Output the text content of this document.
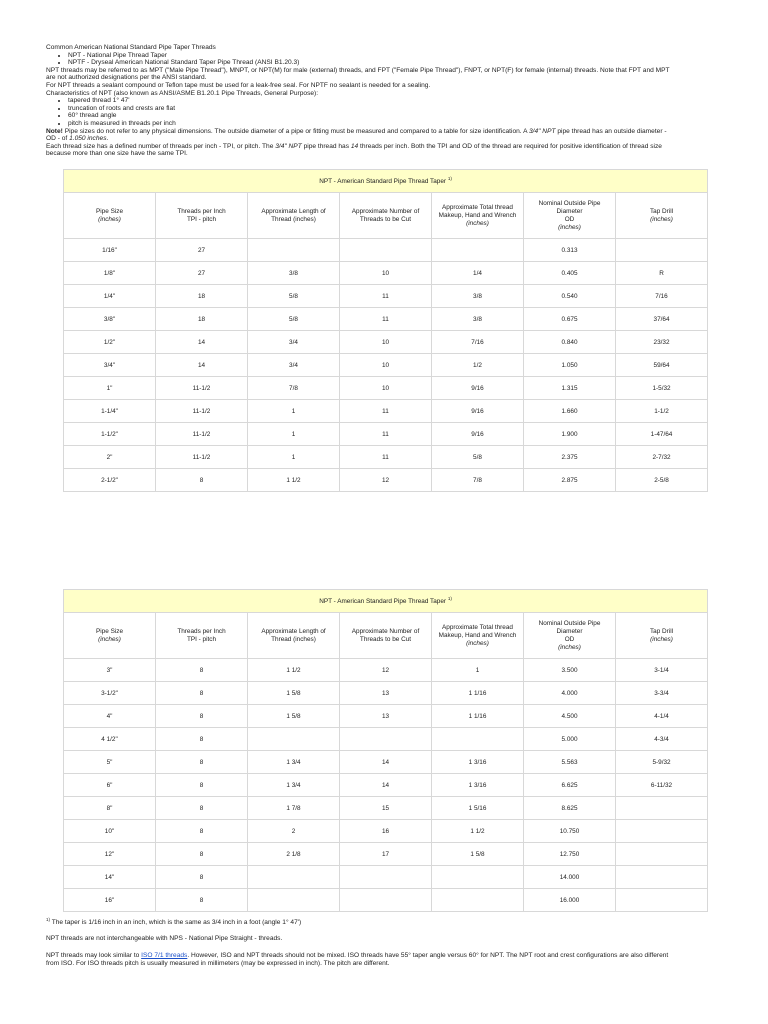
Common American National Standard Pipe Taper Threads
• NPT - National Pipe Thread Taper
• NPTF - Dryseal American National Standard Taper Pipe Thread (ANSI B1.20.3)
NPT threads may be referred to as MPT ("Male Pipe Thread"), MNPT, or NPT(M) for male (external) threads, and FPT ("Female Pipe Thread"), FNPT, or NPT(F) for female (internal) threads. Note that FPT and MPT
are not authorized designations per the ANSI standard.
For NPT threads a sealant compound or Teflon tape must be used for a leak-free seal. For NPTF no sealant is needed for a sealing.
Characteristics of NPT (also known as ANSI/ASME B1.20.1 Pipe Threads, General Purpose):
• tapered thread 1° 47'
• truncation of roots and crests are flat
• 60° thread angle
• pitch is measured in threads per inch
Note! Pipe sizes do not refer to any physical dimensions. The outside diameter of a pipe or fitting must be measured and compared to a table for size identification. A 3/4" NPT pipe thread has an outside diameter -
OD - of 1.050 inches.
Each thread size has a defined number of threads per inch - TPI, or pitch. The 3/4" NPT pipe thread has 14 threads per inch. Both the TPI and OD of the thread are required for positive identification of thread size
because more than one size have the same TPI.
NPT - American Standard Pipe Thread Taper $^{1)}$
Pipe Size
(inches)	Threads per Inch
TPI - pitch	Approximate Length of
Thread (inches)	Approximate Number of
Threads to be Cut	Approximate Total thread
Makeup, Hand and Wrench
(inches)	Nominal Outside Pipe
Diameter
OD
(inches)	Tap Drill
(inches)
1/16"	27				0.313	
1/8"	27	3/8	10	1/4	0.405	R
1/4"	18	5/8	11	3/8	0.540	7/16
3/8"	18	5/8	11	3/8	0.675	37/64
1/2"	14	3/4	10	7/16	0.840	23/32
3/4"	14	3/4	10	1/2	1.050	59/64
1"	11-1/2	7/8	10	9/16	1.315	1-5/32
1-1/4"	11-1/2	1	11	9/16	1.660	1-1/2
1-1/2"	11-1/2	1	11	9/16	1.900	1-47/64
2"	11-1/2	1	11	5/8	2.375	2-7/32
2-1/2"	8	1 1/2	12	7/8	2.875	2-5/8
NPT - American Standard Pipe Thread Taper $^{1)}$
Pipe Size
(inches)	Threads per Inch
TPI - pitch	Approximate Length of
Thread (inches)	Approximate Number of
Threads to be Cut	Approximate Total thread
Makeup, Hand and Wrench
(inches)	Nominal Outside Pipe
Diameter
OD
(inches)	Tap Drill
(inches)
3"	8	1 1/2	12	1	3.500	3-1/4
3-1/2"	8	1 5/8	13	1 1/16	4.000	3-3/4
4"	8	1 5/8	13	1 1/16	4.500	4-1/4
4 1/2"	8				5.000	4-3/4
5"	8	1 3/4	14	1 3/16	5.563	5-9/32
6"	8	1 3/4	14	1 3/16	6.625	6-11/32
8"	8	1 7/8	15	1 5/16	8.625	
10"	8	2	16	1 1/2	10.750	
12"	8	2 1/8	17	1 5/8	12.750	
14"	8				14.000	
16"	8				16.000	
$^{1)}$ The taper is 1/16 inch in an inch, which is the same as 3/4 inch in a foot (angle 1° 47')
NPT threads are not interchangeable with NPS - National Pipe Straight - threads.
NPT threads may look similar to ISO 7/1 threads. However, ISO and NPT threads should not be mixed. ISO threads have 55° taper angle versus 60° for NPT. The NPT root and crest configurations are also different
from ISO. For ISO threads pitch is usually measured in millimeters (may be expressed in inch). The pitch are different.
